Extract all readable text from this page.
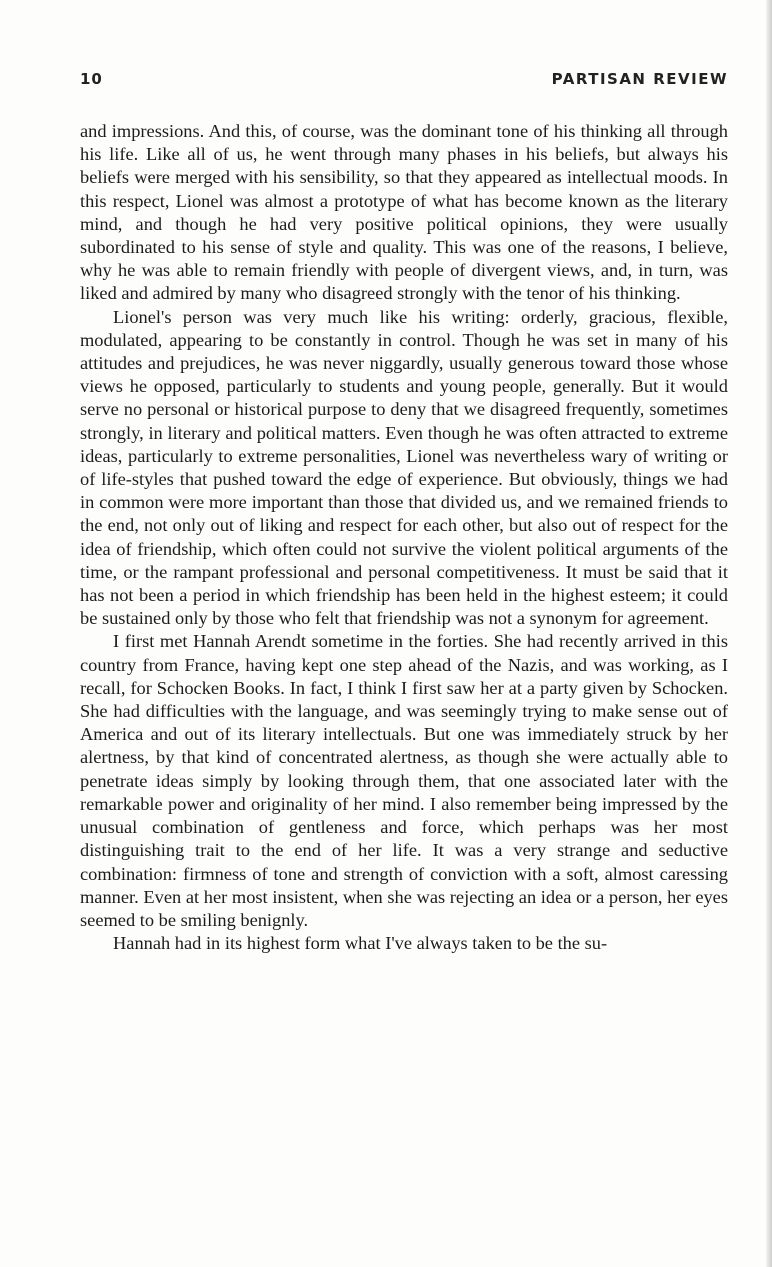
10	PARTISAN REVIEW

and impressions. And this, of course, was the dominant tone of his thinking all through his life. Like all of us, he went through many phases in his beliefs, but always his beliefs were merged with his sensibility, so that they appeared as intellectual moods. In this respect, Lionel was almost a prototype of what has become known as the literary mind, and though he had very positive political opinions, they were usually subordinated to his sense of style and quality. This was one of the reasons, I believe, why he was able to remain friendly with people of divergent views, and, in turn, was liked and admired by many who disagreed strongly with the tenor of his thinking.

Lionel's person was very much like his writing: orderly, gracious, flexible, modulated, appearing to be constantly in control. Though he was set in many of his attitudes and prejudices, he was never niggardly, usually generous toward those whose views he opposed, particularly to students and young people, generally. But it would serve no personal or historical purpose to deny that we disagreed frequently, sometimes strongly, in literary and political matters. Even though he was often attracted to extreme ideas, particularly to extreme personalities, Lionel was nevertheless wary of writing or of life-styles that pushed toward the edge of experience. But obviously, things we had in common were more important than those that divided us, and we remained friends to the end, not only out of liking and respect for each other, but also out of respect for the idea of friendship, which often could not survive the violent political arguments of the time, or the rampant professional and personal competitiveness. It must be said that it has not been a period in which friendship has been held in the highest esteem; it could be sustained only by those who felt that friendship was not a synonym for agreement.

I first met Hannah Arendt sometime in the forties. She had recently arrived in this country from France, having kept one step ahead of the Nazis, and was working, as I recall, for Schocken Books. In fact, I think I first saw her at a party given by Schocken. She had difficulties with the language, and was seemingly trying to make sense out of America and out of its literary intellectuals. But one was immediately struck by her alertness, by that kind of concentrated alertness, as though she were actually able to penetrate ideas simply by looking through them, that one associated later with the remarkable power and originality of her mind. I also remember being impressed by the unusual combination of gentleness and force, which perhaps was her most distinguishing trait to the end of her life. It was a very strange and seductive combination: firmness of tone and strength of conviction with a soft, almost caressing manner. Even at her most insistent, when she was rejecting an idea or a person, her eyes seemed to be smiling benignly.

Hannah had in its highest form what I've always taken to be the su-
